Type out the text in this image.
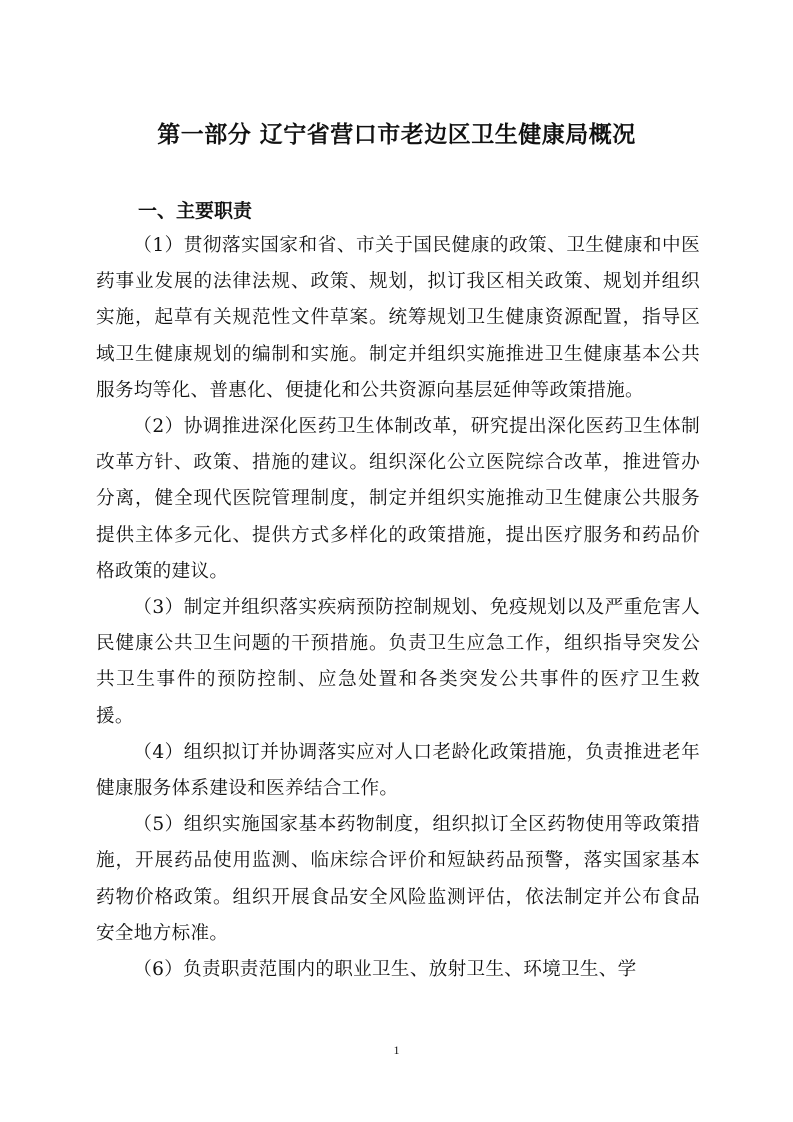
第一部分 辽宁省营口市老边区卫生健康局概况
一、主要职责

（1）贯彻落实国家和省、市关于国民健康的政策、卫生健康和中医药事业发展的法律法规、政策、规划，拟订我区相关政策、规划并组织实施，起草有关规范性文件草案。统筹规划卫生健康资源配置，指导区域卫生健康规划的编制和实施。制定并组织实施推进卫生健康基本公共服务均等化、普惠化、便捷化和公共资源向基层延伸等政策措施。

（2）协调推进深化医药卫生体制改革，研究提出深化医药卫生体制改革方针、政策、措施的建议。组织深化公立医院综合改革，推进管办分离，健全现代医院管理制度，制定并组织实施推动卫生健康公共服务提供主体多元化、提供方式多样化的政策措施，提出医疗服务和药品价格政策的建议。

（3）制定并组织落实疾病预防控制规划、免疫规划以及严重危害人民健康公共卫生问题的干预措施。负责卫生应急工作，组织指导突发公共卫生事件的预防控制、应急处置和各类突发公共事件的医疗卫生救援。

（4）组织拟订并协调落实应对人口老龄化政策措施，负责推进老年健康服务体系建设和医养结合工作。

（5）组织实施国家基本药物制度，组织拟订全区药物使用等政策措施，开展药品使用监测、临床综合评价和短缺药品预警，落实国家基本药物价格政策。组织开展食品安全风险监测评估，依法制定并公布食品安全地方标准。

（6）负责职责范围内的职业卫生、放射卫生、环境卫生、学

1
